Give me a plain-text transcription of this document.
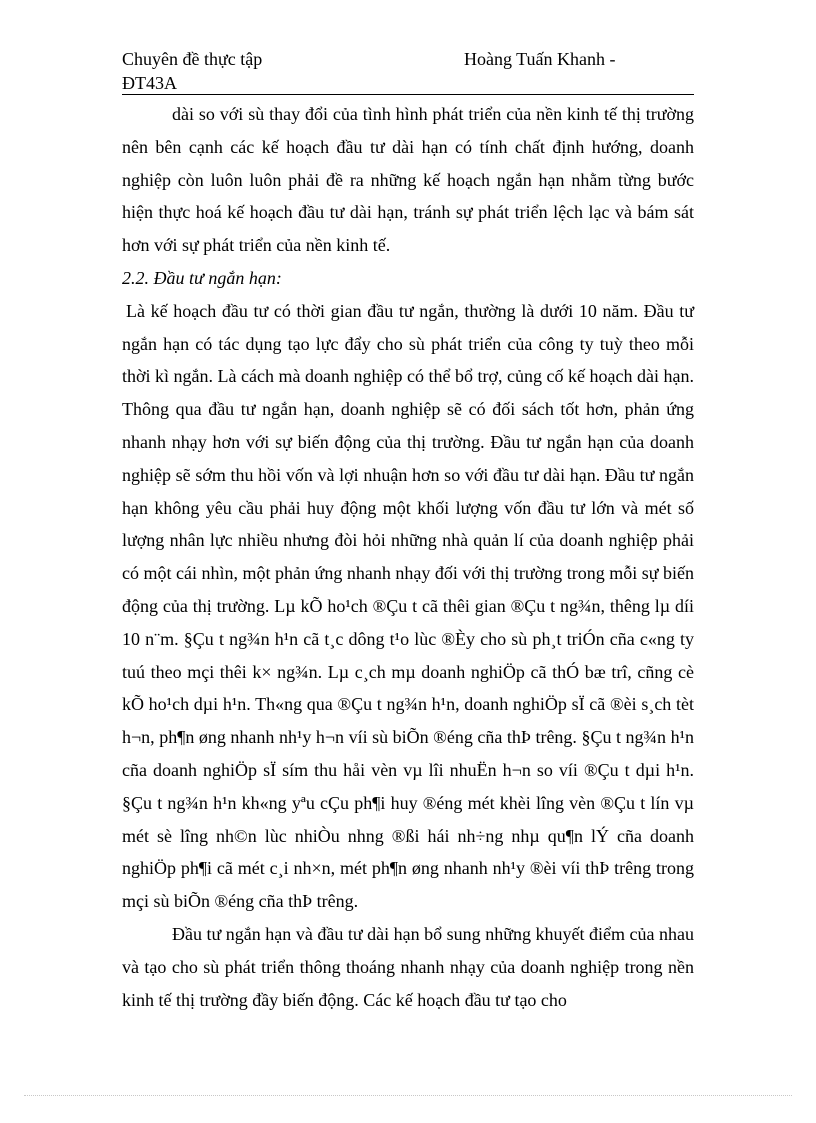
Chuyên đề thực tập	Hoàng Tuấn Khanh -
ĐT43A

dài so với sù thay đổi của tình hình phát triển của nền kinh tế thị trường nên bên cạnh các kế hoạch đầu tư dài hạn có tính chất định hướng, doanh nghiệp còn luôn luôn phải đề ra những kế hoạch ngắn hạn nhằm từng bước hiện thực hoá kế hoạch đầu tư dài hạn, tránh sự phát triển lệch lạc và bám sát hơn với sự phát triển của nền kinh tế.

2.2. Đầu tư ngắn hạn:

Là kế hoạch đầu tư có thời gian đầu tư ngắn, thường là dưới 10 năm. Đầu tư ngắn hạn có tác dụng tạo lực đẩy cho sù phát triển của công ty tuỳ theo mỗi thời kì ngắn. Là cách mà doanh nghiệp có thể bổ trợ, củng cố kế hoạch dài hạn. Thông qua đầu tư ngắn hạn, doanh nghiệp sẽ có đối sách tốt hơn, phản ứng nhanh nhạy hơn với sự biến động của thị trường. Đầu tư ngắn hạn của doanh nghiệp sẽ sớm thu hồi vốn và lợi nhuận hơn so với đầu tư dài hạn. Đầu tư ngắn hạn không yêu cầu phải huy động một khối lượng vốn đầu tư lớn và mét số lượng nhân lực nhiều nhưng đòi hỏi những nhà quản lí của doanh nghiệp phải có một cái nhìn, một phản ứng nhanh nhạy đối với thị trường trong mỗi sự biến động của thị trường. Lµ kÕ ho¹ch ®Çu t cã thêi gian ®Çu t ng¾n, thêng lµ díi 10 n¨m. §Çu t ng¾n h¹n cã t¸c dông t¹o lùc ®Èy cho sù ph¸t triÓn cña c«ng ty tuú theo mçi thêi k× ng¾n. Lµ c¸ch mµ doanh nghiÖp cã thÓ bæ trî, cñng cè kÕ ho¹ch dµi h¹n. Th«ng qua ®Çu t ng¾n h¹n, doanh nghiÖp sÏ cã ®èi s¸ch tèt h¬n, ph¶n øng nhanh nh¹y h¬n víi sù biÕn ®éng cña thÞ trêng. §Çu t ng¾n h¹n cña doanh nghiÖp sÏ sím thu håi vèn vµ lîi nhuËn h¬n so víi ®Çu t dµi h¹n. §Çu t ng¾n h¹n kh«ng yªu cÇu ph¶i huy ®éng mét khèi lîng vèn ®Çu t lín vµ mét sè lîng nh©n lùc nhiÒu nhng ®ßi hái nh÷ng nhµ qu¶n lÝ cña doanh nghiÖp ph¶i cã mét c¸i nh×n, mét ph¶n øng nhanh nh¹y ®èi víi thÞ trêng trong mçi sù biÕn ®éng cña thÞ trêng.

Đầu tư ngắn hạn và đầu tư dài hạn bổ sung những khuyết điểm của nhau và tạo cho sù phát triển thông thoáng nhanh nhạy của doanh nghiệp trong nền kinh tế thị trường đầy biến động. Các kế hoạch đầu tư tạo cho
